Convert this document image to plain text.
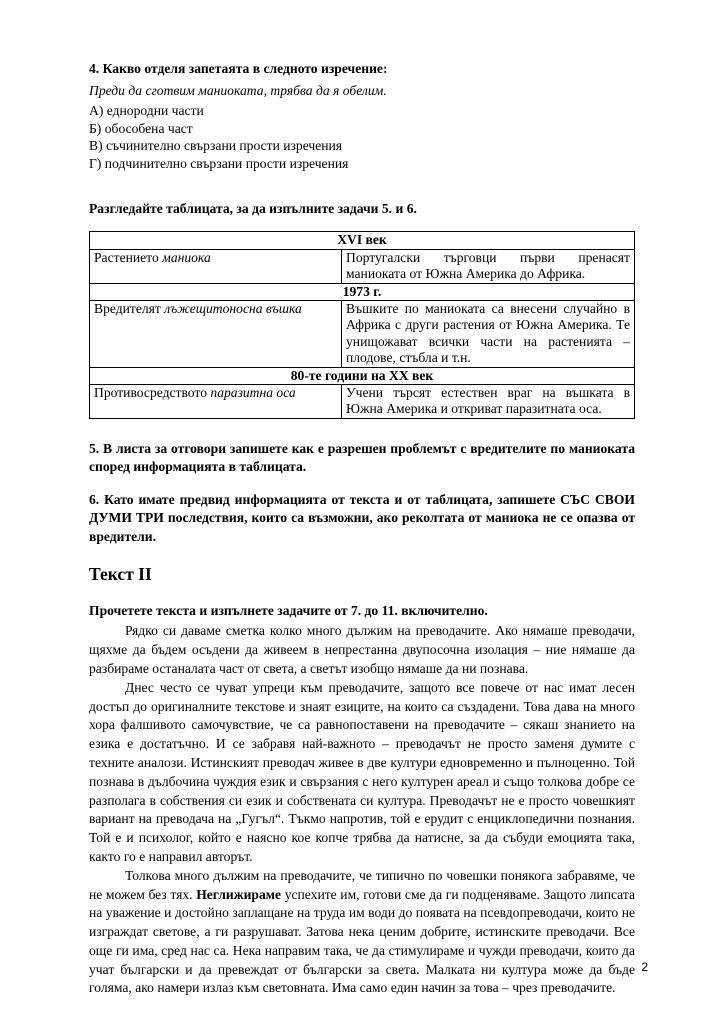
4. Какво отделя запетаята в следното изречение:

Преди да сготвим маниоката, трябва да я обелим.

А) еднородни части
Б) обособена част
В) съчинително свързани прости изречения
Г) подчинително свързани прости изречения

Разгледайте таблицата, за да изпълните задачи 5. и 6.

XVI век	
Растението маниока	Португалски търговци първи пренасят маниоката от Южна Америка до Африка.
1973 г.	
Вредителят лъжещитоносна въшка	Въшките по маниоката са внесени случайно в Африка с други растения от Южна Америка. Те унищожават всички части на растенията – плодове, стъбла и т.н.
80-те години на XX век	
Противосредството паразитна оса	Учени търсят естествен враг на въшката в Южна Америка и откриват паразитната оса.

5. В листа за отговори запишете как е разрешен проблемът с вредителите по маниоката според информацията в таблицата.

6. Като имате предвид информацията от текста и от таблицата, запишете СЪС СВОИ ДУМИ ТРИ последствия, които са възможни, ако реколтата от маниока не се опазва от вредители.

Текст II

Прочетете текста и изпълнете задачите от 7. до 11. включително.

Рядко си даваме сметка колко много дължим на преводачите. Ако нямаше преводачи, щяхме да бъдем осъдени да живеем в непрестанна двупосочна изолация – ние нямаше да разбираме останалата част от света, а светът изобщо нямаше да ни познава.

Днес често се чуват упреци към преводачите, защото все повече от нас имат лесен достъп до оригиналните текстове и знаят езиците, на които са създадени. Това дава на много хора фалшивото самочувствие, че са равнопоставени на преводачите – сякаш знанието на езика е достатъчно. И се забравя най-важното – преводачът не просто заменя думите с техните аналози. Истинският преводач живее в две култури едновременно и пълноценно. Той познава в дълбочина чуждия език и свързания с него културен ареал и също толкова добре се разполага в собствения си език и собствената си култура. Преводачът не е просто човешкият вариант на преводача на „Гугъл“. Тъкмо напротив, той е ерудит с енциклопедични познания. Той е и психолог, който е наясно кое копче трябва да натисне, за да събуди емоцията така, както го е направил авторът.

Толкова много дължим на преводачите, че типично по човешки понякога забравяме, че не можем без тях. Неглижираме успехите им, готови сме да ги подценяваме. Защото липсата на уважение и достойно заплащане на труда им води до появата на псевдопреводачи, които не изграждат светове, а ги разрушават. Затова нека ценим добрите, истинските преводачи. Все още ги има, сред нас са. Нека направим така, че да стимулираме и чужди преводачи, които да учат български и да превеждат от български за света. Малката ни култура може да бъде голяма, ако намери излаз към световната. Има само един начин за това – чрез преводачите.

2
